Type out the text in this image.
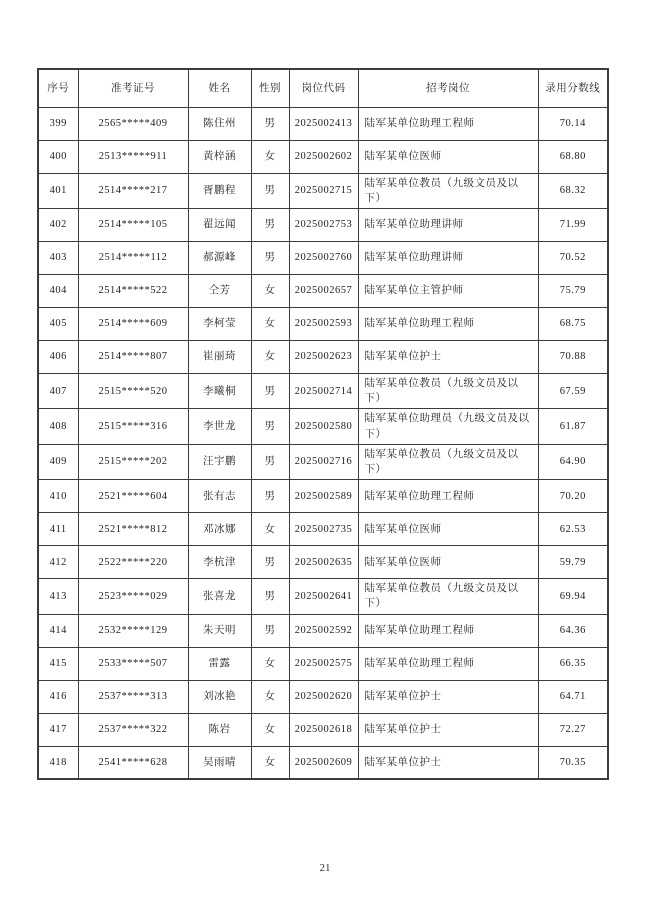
序号	准考证号	姓名	性别	岗位代码	招考岗位	录用分数线
399	2565*****409	陈住州	男	2025002413	陆军某单位助理工程师	70.14
400	2513*****911	黄梓涵	女	2025002602	陆军某单位医师	68.80
401	2514*****217	胥鹏程	男	2025002715	陆军某单位教员（九级文员及以下）	68.32
402	2514*****105	翟远闻	男	2025002753	陆军某单位助理讲师	71.99
403	2514*****112	郝源峰	男	2025002760	陆军某单位助理讲师	70.52
404	2514*****522	仝芳	女	2025002657	陆军某单位主管护师	75.79
405	2514*****609	李柯莹	女	2025002593	陆军某单位助理工程师	68.75
406	2514*****807	崔丽琦	女	2025002623	陆军某单位护士	70.88
407	2515*****520	李曦桐	男	2025002714	陆军某单位教员（九级文员及以下）	67.59
408	2515*****316	李世龙	男	2025002580	陆军某单位助理员（九级文员及以下）	61.87
409	2515*****202	汪宇鹏	男	2025002716	陆军某单位教员（九级文员及以下）	64.90
410	2521*****604	张有志	男	2025002589	陆军某单位助理工程师	70.20
411	2521*****812	邓冰娜	女	2025002735	陆军某单位医师	62.53
412	2522*****220	李杭津	男	2025002635	陆军某单位医师	59.79
413	2523*****029	张喜龙	男	2025002641	陆军某单位教员（九级文员及以下）	69.94
414	2532*****129	朱天明	男	2025002592	陆军某单位助理工程师	64.36
415	2533*****507	雷露	女	2025002575	陆军某单位助理工程师	66.35
416	2537*****313	刘冰艳	女	2025002620	陆军某单位护士	64.71
417	2537*****322	陈岩	女	2025002618	陆军某单位护士	72.27
418	2541*****628	吴雨晴	女	2025002609	陆军某单位护士	70.35
21
